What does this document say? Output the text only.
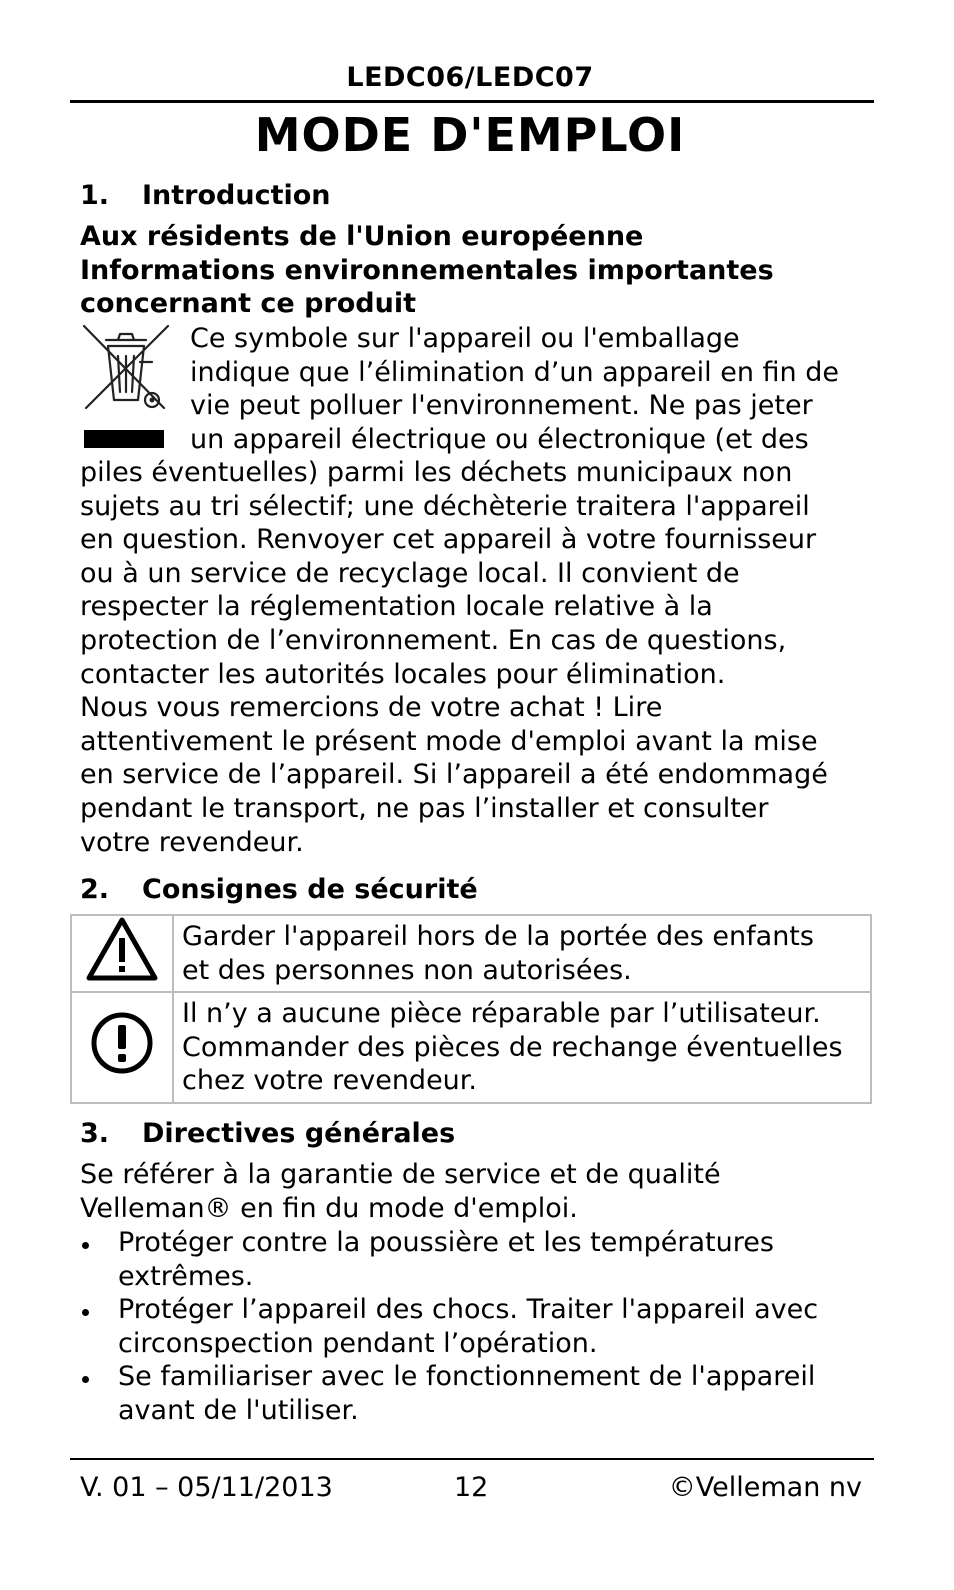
LEDC06/LEDC07
MODE D'EMPLOI
1. Introduction
Aux résidents de l'Union européenne
Informations environnementales importantes
concernant ce produit
Ce symbole sur l'appareil ou l'emballage
indique que l’élimination d’un appareil en fin de
vie peut polluer l'environnement. Ne pas jeter
un appareil électrique ou électronique (et des
piles éventuelles) parmi les déchets municipaux non
sujets au tri sélectif; une déchèterie traitera l'appareil
en question. Renvoyer cet appareil à votre fournisseur
ou à un service de recyclage local. Il convient de
respecter la réglementation locale relative à la
protection de l’environnement. En cas de questions,
contacter les autorités locales pour élimination.
Nous vous remercions de votre achat ! Lire
attentivement le présent mode d'emploi avant la mise
en service de l’appareil. Si l’appareil a été endommagé
pendant le transport, ne pas l’installer et consulter
votre revendeur.
2. Consignes de sécurité

Garder l'appareil hors de la portée des enfants
et des personnes non autorisées.

Il n’y a aucune pièce réparable par l’utilisateur.
Commander des pièces de rechange éventuelles
chez votre revendeur.
3. Directives générales
Se référer à la garantie de service et de qualité
Velleman® en fin du mode d'emploi.
Protéger contre la poussière et les températures extrêmes.
Protéger l’appareil des chocs. Traiter l'appareil avec circonspection pendant l’opération.
Se familiariser avec le fonctionnement de l'appareil avant de l'utiliser.
V. 01 – 05/11/2013	12	©Velleman nv
